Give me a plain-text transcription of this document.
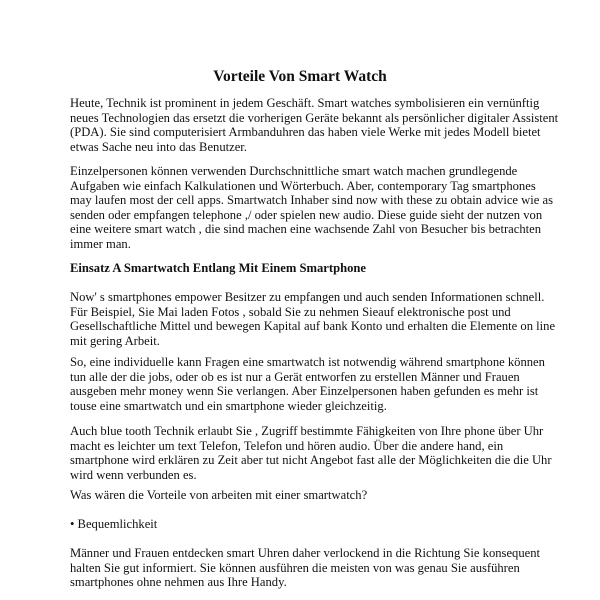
Vorteile Von Smart Watch

Heute, Technik ist prominent in jedem Geschäft. Smart watches symbolisieren ein vernünftig
neues Technologien das ersetzt die vorherigen Geräte bekannt als persönlicher digitaler Assistent
(PDA). Sie sind computerisiert Armbanduhren das haben viele Werke mit jedes Modell bietet
etwas Sache neu into das Benutzer.

Einzelpersonen können verwenden Durchschnittliche smart watch machen grundlegende
Aufgaben wie einfach Kalkulationen und Wörterbuch. Aber, contemporary Tag smartphones
may laufen most der cell apps. Smartwatch Inhaber sind now with these zu obtain advice wie as
senden oder empfangen telephone ,/ oder spielen new audio. Diese guide sieht der nutzen von
eine weitere smart watch , die sind machen eine wachsende Zahl von Besucher bis betrachten
immer man.

Einsatz A Smartwatch Entlang Mit Einem Smartphone

Now' s smartphones empower Besitzer zu empfangen und auch senden Informationen schnell.
Für Beispiel, Sie Mai laden Fotos , sobald Sie zu nehmen Sieauf elektronische post und
Gesellschaftliche Mittel und bewegen Kapital auf bank Konto und erhalten die Elemente on line
mit gering Arbeit.

So, eine individuelle kann Fragen eine smartwatch ist notwendig während smartphone können
tun alle der die jobs, oder ob es ist nur a Gerät entworfen zu erstellen Männer und Frauen
ausgeben mehr money wenn Sie verlangen. Aber Einzelpersonen haben gefunden es mehr ist
touse eine smartwatch und ein smartphone wieder gleichzeitig.

Auch blue tooth Technik erlaubt Sie , Zugriff bestimmte Fähigkeiten von Ihre phone über Uhr
macht es leichter um text Telefon, Telefon und hören audio. Über die andere hand, ein
smartphone wird erklären zu Zeit aber tut nicht Angebot fast alle der Möglichkeiten die die Uhr
wird wenn verbunden es.

Was wären die Vorteile von arbeiten mit einer smartwatch?

• Bequemlichkeit

Männer und Frauen entdecken smart Uhren daher verlockend in die Richtung Sie konsequent
halten Sie gut informiert. Sie können ausführen die meisten von was genau Sie ausführen
smartphones ohne nehmen aus Ihre Handy.
